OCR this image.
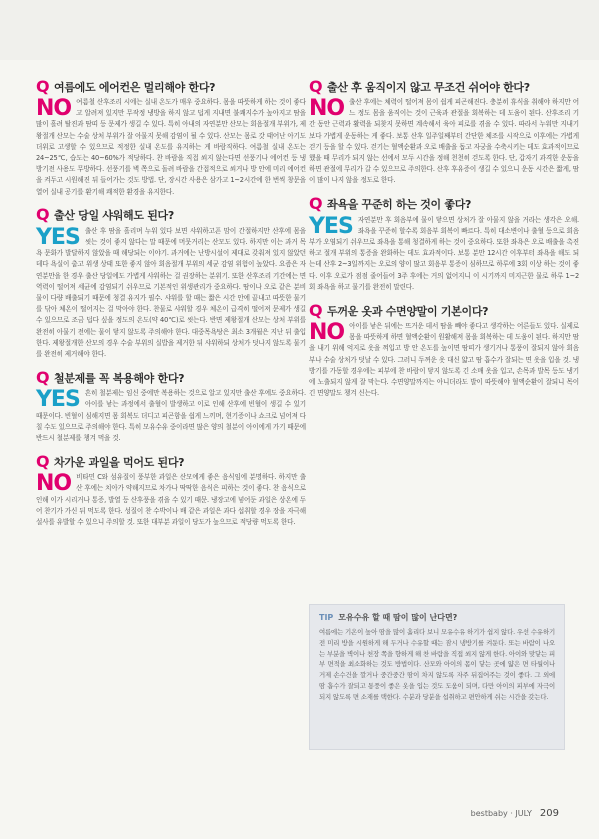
Q 여름에도 에어컨은 멀리해야 한다?
NO 여름철 산후조리 시에는 실내 온도가 매우 중요하다. 몸을 따뜻하게 하는 것이 좋다고 알려져 있지만 무작정 냉방을 하지 않고 덥게 지내면 불쾌지수가 높아지고 땀을 많이 흘려 탈진과 땀띠 등 문제가 생길 수 있다. 특히 아내의 자연분만 산모는 회음절개 부위가, 제왕절개 산모는 수술 상처 부위가 잘 아물지 못해 감염이 될 수 있다. 산모는 몸로 갓 태어난 아기도 더위로 고생할 수 있으므로 적정한 실내 온도를 유지하는 게 바람직하다. 여름철 실내 온도는 24~25℃, 습도는 40~60%가 적당하다. 찬 바람을 직접 쐬지 않는다면 선풍기나 에어컨 등 냉방기전 사용도 무방하다. 선풍기를 벽 쪽으로 돌려 바람을 간접적으로 쐬거나 방 안에 미리 에어컨을 켜두고 시원해진 뒤 들어가는 것도 방법. 단, 장시간 사용은 삼가고 1~2시간에 한 번씩 창문을 열어 실내 공기를 환기해 쾌적한 환경을 유지한다.
Q 출산 당일 샤워해도 된다?
YES 출산 후 땀을 흘리며 누워 있다 보면 샤워하고픈 맘이 간절하지만 산후에 몸을 씻는 것이 좋지 않다는 말 때문에 머뭇거리는 산모도 있다. 하지만 이는 과거 목욕 문화가 발달하지 않았을 때 해당되는 이야기. 과거에는 난방시설이 제대로 갖춰져 있지 않았던 데다 욕실이 춥고 위생 상태 또한 좋지 않아 회음절개 부위의 세균 감염 위험이 높았다. 요즘은 자연분만을 한 경우 출산 당일에도 가볍게 샤워하는 걸 권장하는 분위기. 또한 산후조리 기간에는 면역력이 떨어져 세균에 감염되기 쉬우므로 기본적인 위생관리가 중요하다. 땀이나 오로 같은 분비물이 다량 배출되기 때문에 청결 유지가 필수. 샤워를 할 때는 짧은 시간 안에 끝내고 따뜻한 물기를 닦아 체온이 떨어지는 걸 막아야 한다. 찬물로 샤워할 경우 체온이 급격히 떨어져 문제가 생길 수 있으므로 조금 덥다 싶을 정도의 온도(약 40℃)로 씻는다. 반면 제왕절개 산모는 상처 부위를 완전히 아물기 전에는 물이 닿지 않도록 주의해야 한다. 대중목욕탕은 최소 3개월은 지난 뒤 출입한다. 제왕절개한 산모의 경우 수술 부위의 실밥을 제거한 뒤 샤워하되 상처가 덧나지 않도록 물기를 완전히 제거해야 한다.
Q 철분제를 꼭 복용해야 한다?
YES 흔히 철분제는 임신 중에만 복용하는 것으로 알고 있지만 출산 후에도 중요하다. 아이를 낳는 과정에서 출혈이 발생하고 이로 인해 산후에 빈혈이 생길 수 있기 때문이다. 빈혈이 심해지면 몸 회복도 더디고 피곤함을 쉽게 느끼며, 현기증이나 쇼크로 넘어져 다칠 수도 있으므로 주의해야 한다. 특히 모유수유 중이라면 많은 양의 철분이 아이에게 가기 때문에 반드시 철분제를 챙겨 먹을 것.
Q 차가운 과일을 먹어도 된다?
NO 비타민 C와 섬유질이 풍부한 과일은 산모에게 좋은 음식임에 분명하다. 하지만 출산 후에는 치아가 약해지므로 차가나 딱딱한 음식은 피하는 것이 좋다. 찬 음식으로 인해 이가 시리거나 통증, 발열 등 산후풍을 겪을 수 있기 때문. 냉장고에 넣어둔 과일은 상온에 두어 찬기가 가신 뒤 먹도록 한다. 성질이 찬 수박이나 배 같은 과일은 과다 섭취할 경우 장을 자극해 설사를 유발할 수 있으니 주의할 것. 또한 대부분 과일이 당도가 높으므로 적당량 먹도록 한다.
Q 출산 후 움직이지 않고 무조건 쉬어야 한다?
NO 출산 후에는 체력이 떨어져 몸이 쉽게 피곤해진다. 충분히 휴식을 취해야 하지만 어느 정도 몸을 움직이는 것이 근육과 관절을 회복하는 데 도움이 된다. 산후조리 기간 동안 근력과 활력을 되찾지 못하면 계속해서 육아 피로를 겪을 수 있다. 따라서 누워만 지내기보다 가볍게 운동하는 게 좋다. 보통 산후 일주일째부터 간단한 체조를 시작으로 이후에는 가볍게 걷기 등을 할 수 있다. 걷기는 혈액순환과 오로 배출을 돕고 자궁을 수축시키는 데도 효과적이므로 했을 때 무리가 되지 않는 선에서 모두 시간을 정해 천천히 걷도록 한다. 단, 갑자기 과격한 운동을 하면 관절에 무리가 갈 수 있으므로 주의한다. 산후 후유증이 생길 수 있으니 운동 시간은 짧게, 땀이 많이 나지 않을 정도로 한다.
Q 좌욕을 꾸준히 하는 것이 좋다?
YES 자연분만 후 회음부에 물이 닿으면 상처가 잘 아물지 않을 거라는 생각은 오해. 좌욕을 꾸준히 할수록 회음부 회복이 빠르다. 특히 대소변이나 출혈 등으로 회음부가 오염되기 쉬우므로 좌욕을 통해 청결하게 하는 것이 중요하다. 또한 좌욕은 오로 배출을 촉진하고 절개 부위의 통증을 완화하는 데도 효과적이다. 보통 분만 12시간 이후부터 좌욕을 해도 되는데 산후 2~3일까지는 오로의 양이 많고 회음부 통증이 심하므로 하루에 3회 이상 하는 것이 좋다. 이후 오로가 점점 줄어들어 3주 후에는 거의 없어지니 이 시기까지 미지근한 물로 하루 1~2회 좌욕을 하고 물기를 완전히 말린다.
Q 두꺼운 옷과 수면양말이 기본이다?
NO 아이를 낳은 뒤에는 뜨거운 데서 땀을 빼야 좋다고 생각하는 어른들도 있다. 실제로 몸을 따뜻하게 하면 혈액순환이 원활해져 몸을 회복하는 데 도움이 된다. 하지만 땀을 내기 위해 억지로 옷을 껴입고 방 안 온도를 높이면 땀띠가 생기거나 통풍이 잘되지 않아 회음부나 수술 상처가 덧날 수 있다. 그러니 두꺼운 옷 대신 얇고 땀 흡수가 잘되는 면 옷을 입을 것. 냉방기를 가동할 경우에는 피부에 찬 바람이 닿지 않도록 긴 소매 옷을 입고, 손목과 발목 등도 냉기에 노출되지 않게 잘 막는다. 수면양말까지는 아니더라도 발이 따뜻해야 혈액순환이 잘되니 목이 긴 면양말도 챙겨 신는다.
TIP 모유수유 할 때 땀이 많이 난다면?
여름에는 기온이 높아 땀을 많이 흘리다 보니 모유수유 하기가 쉽지 않다. 우선 수유하기 전 미리 방을 시원하게 해 두거나 수유할 때는 잠시 냉방기를 켜둔다. 또는 바람이 나오는 부분을 벽이나 천장 쪽을 향하게 해 찬 바람을 직접 쐬지 않게 한다. 아이와 맞닿는 피부 면적을 최소화하는 것도 방법이다. 산모와 아이의 몸이 닿는 곳에 얇은 면 타월이나 거제 손수건을 깔거나 중간중간 땀이 차지 않도록 자주 뒤집어주는 것이 좋다. 그 외에 땀 흡수가 잘되고 통풍이 좋은 옷을 입는 것도 도움이 되며, 다만 아이의 피부에 자극이 되지 않도록 면 소재를 택한다. 수분과 당분을 섭취하고 편안하게 쉬는 시간을 갖는다.
bestbaby · JULY 209
